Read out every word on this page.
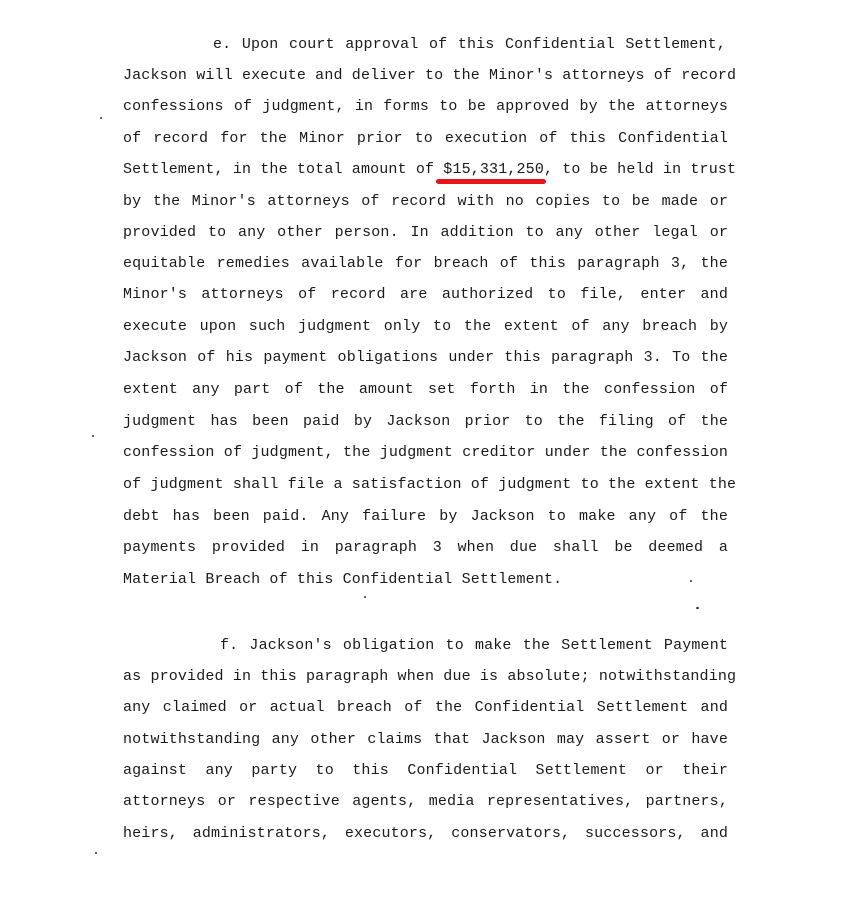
e. Upon court approval of this Confidential Settlement,
Jackson will execute and deliver to the Minor's attorneys of record
confessions of judgment, in forms to be approved by the attorneys
of record for the Minor prior to execution of this Confidential
Settlement, in the total amount of $15,331,250, to be held in trust
by the Minor's attorneys of record with no copies to be made or
provided to any other person. In addition to any other legal or
equitable remedies available for breach of this paragraph 3, the
Minor's attorneys of record are authorized to file, enter and
execute upon such judgment only to the extent of any breach by
Jackson of his payment obligations under this paragraph 3. To the
extent any part of the amount set forth in the confession of
judgment has been paid by Jackson prior to the filing of the
confession of judgment, the judgment creditor under the confession
of judgment shall file a satisfaction of judgment to the extent the
debt has been paid. Any failure by Jackson to make any of the
payments provided in paragraph 3 when due shall be deemed a
Material Breach of this Confidential Settlement.
f. Jackson's obligation to make the Settlement Payment
as provided in this paragraph when due is absolute; notwithstanding
any claimed or actual breach of the Confidential Settlement and
notwithstanding any other claims that Jackson may assert or have
against any party to this Confidential Settlement or their
attorneys or respective agents, media representatives, partners,
heirs, administrators, executors, conservators, successors, and
